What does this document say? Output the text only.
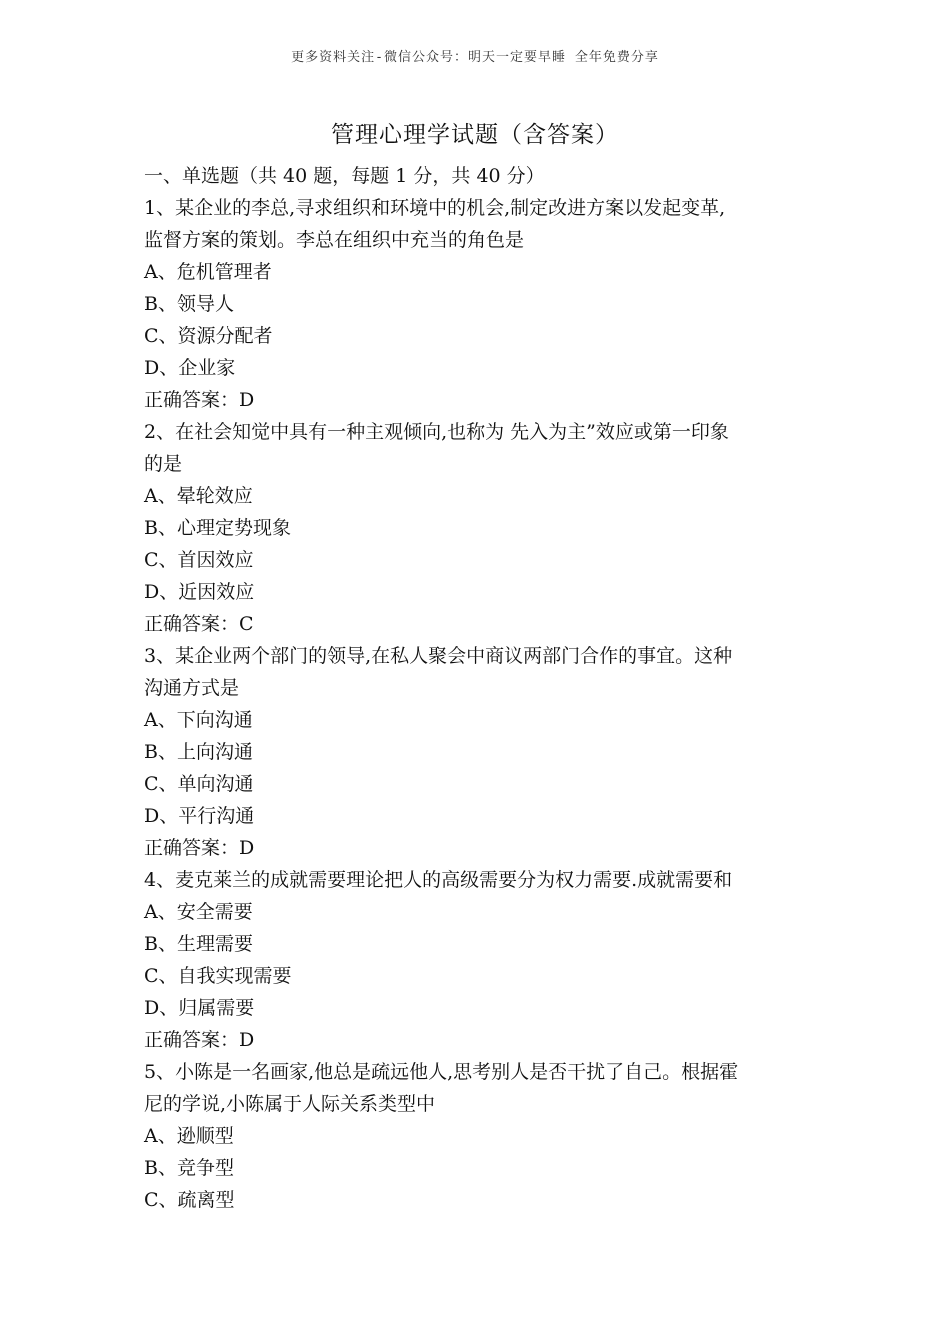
更多资料关注-微信公众号：明天一定要早睡 全年免费分享
管理心理学试题（含答案）

一、单选题（共 40 题，每题 1 分，共 40 分）

1、某企业的李总,寻求组织和环境中的机会,制定改进方案以发起变革,

监督方案的策划。李总在组织中充当的角色是

A、危机管理者

B、领导人

C、资源分配者

D、企业家

正确答案：D

2、在社会知觉中具有一种主观倾向,也称为 先入为主”效应或第一印象

的是

A、晕轮效应

B、心理定势现象

C、首因效应

D、近因效应

正确答案：C

3、某企业两个部门的领导,在私人聚会中商议两部门合作的事宜。这种

沟通方式是

A、下向沟通

B、上向沟通

C、单向沟通

D、平行沟通

正确答案：D

4、麦克莱兰的成就需要理论把人的高级需要分为权力需要.成就需要和

A、安全需要

B、生理需要

C、自我实现需要

D、归属需要

正确答案：D

5、小陈是一名画家,他总是疏远他人,思考别人是否干扰了自己。根据霍

尼的学说,小陈属于人际关系类型中

A、逊顺型

B、竞争型

C、疏离型
